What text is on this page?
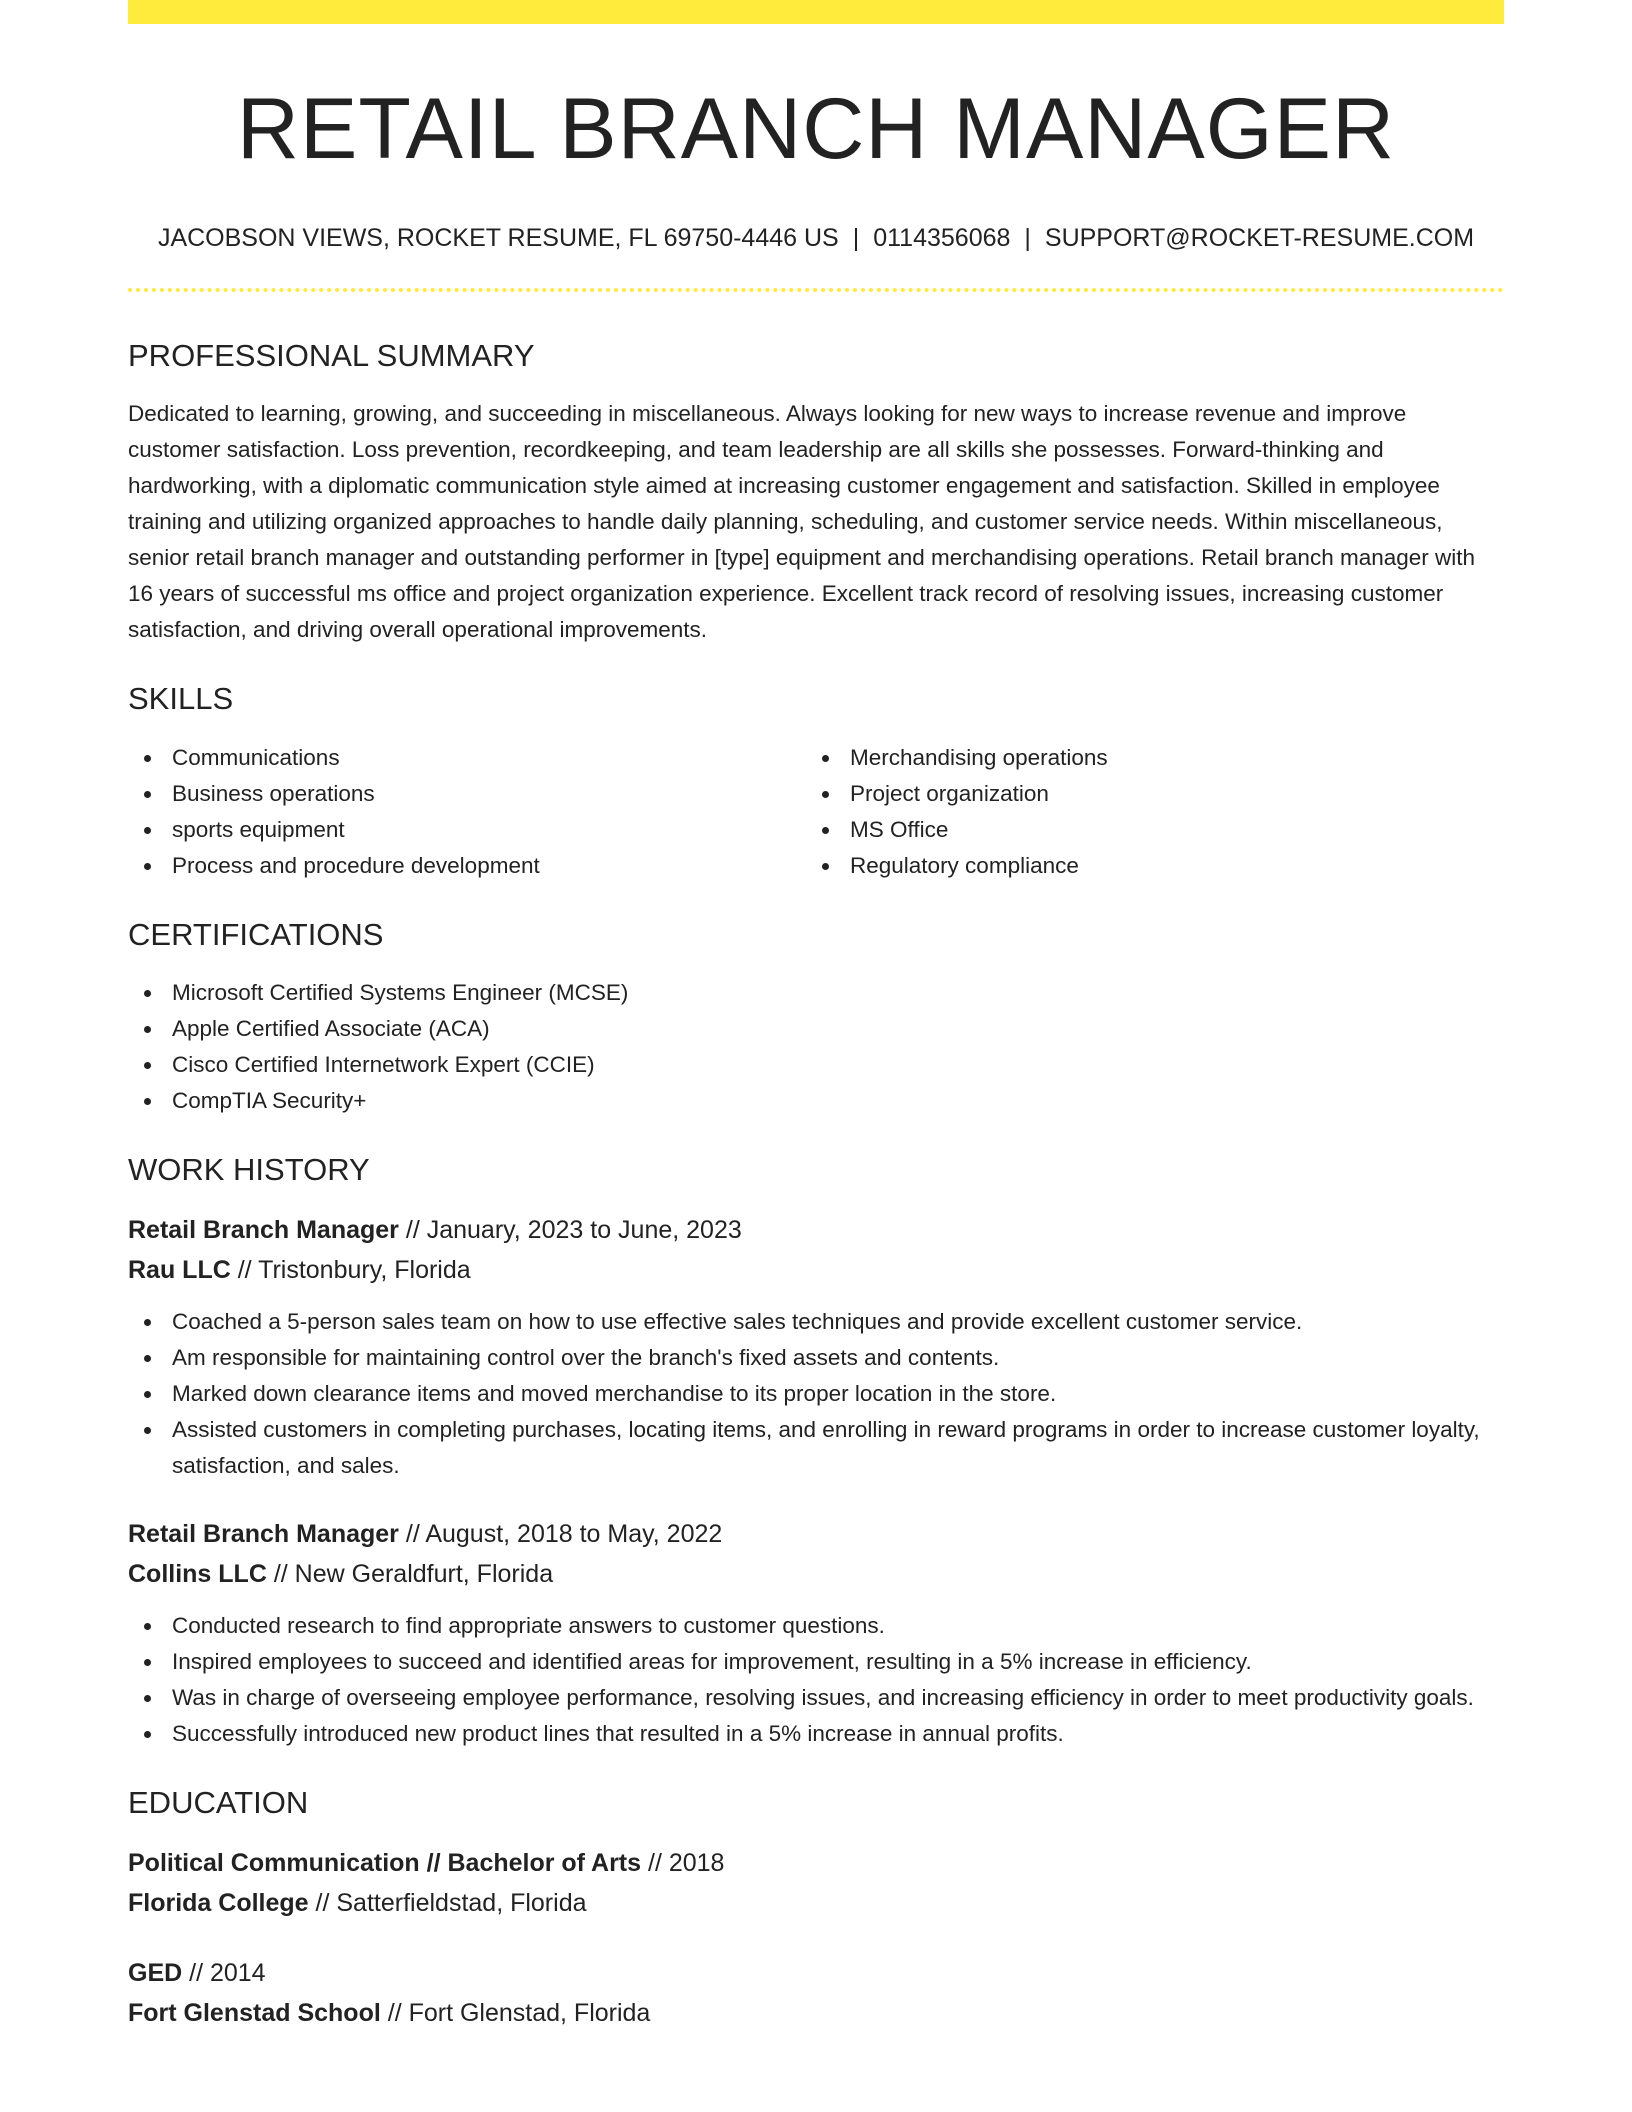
RETAIL BRANCH MANAGER
JACOBSON VIEWS, ROCKET RESUME, FL 69750-4446 US | 0114356068 | SUPPORT@ROCKET-RESUME.COM
PROFESSIONAL SUMMARY
Dedicated to learning, growing, and succeeding in miscellaneous. Always looking for new ways to increase revenue and improve customer satisfaction. Loss prevention, recordkeeping, and team leadership are all skills she possesses. Forward-thinking and hardworking, with a diplomatic communication style aimed at increasing customer engagement and satisfaction. Skilled in employee training and utilizing organized approaches to handle daily planning, scheduling, and customer service needs. Within miscellaneous, senior retail branch manager and outstanding performer in [type] equipment and merchandising operations. Retail branch manager with 16 years of successful ms office and project organization experience. Excellent track record of resolving issues, increasing customer satisfaction, and driving overall operational improvements.
SKILLS
Communications
Business operations
sports equipment
Process and procedure development
Merchandising operations
Project organization
MS Office
Regulatory compliance
CERTIFICATIONS
Microsoft Certified Systems Engineer (MCSE)
Apple Certified Associate (ACA)
Cisco Certified Internetwork Expert (CCIE)
CompTIA Security+
WORK HISTORY
Retail Branch Manager // January, 2023 to June, 2023
Rau LLC // Tristonbury, Florida
Coached a 5-person sales team on how to use effective sales techniques and provide excellent customer service.
Am responsible for maintaining control over the branch's fixed assets and contents.
Marked down clearance items and moved merchandise to its proper location in the store.
Assisted customers in completing purchases, locating items, and enrolling in reward programs in order to increase customer loyalty, satisfaction, and sales.
Retail Branch Manager // August, 2018 to May, 2022
Collins LLC // New Geraldfurt, Florida
Conducted research to find appropriate answers to customer questions.
Inspired employees to succeed and identified areas for improvement, resulting in a 5% increase in efficiency.
Was in charge of overseeing employee performance, resolving issues, and increasing efficiency in order to meet productivity goals.
Successfully introduced new product lines that resulted in a 5% increase in annual profits.
EDUCATION
Political Communication // Bachelor of Arts // 2018
Florida College // Satterfieldstad, Florida
GED // 2014
Fort Glenstad School // Fort Glenstad, Florida
